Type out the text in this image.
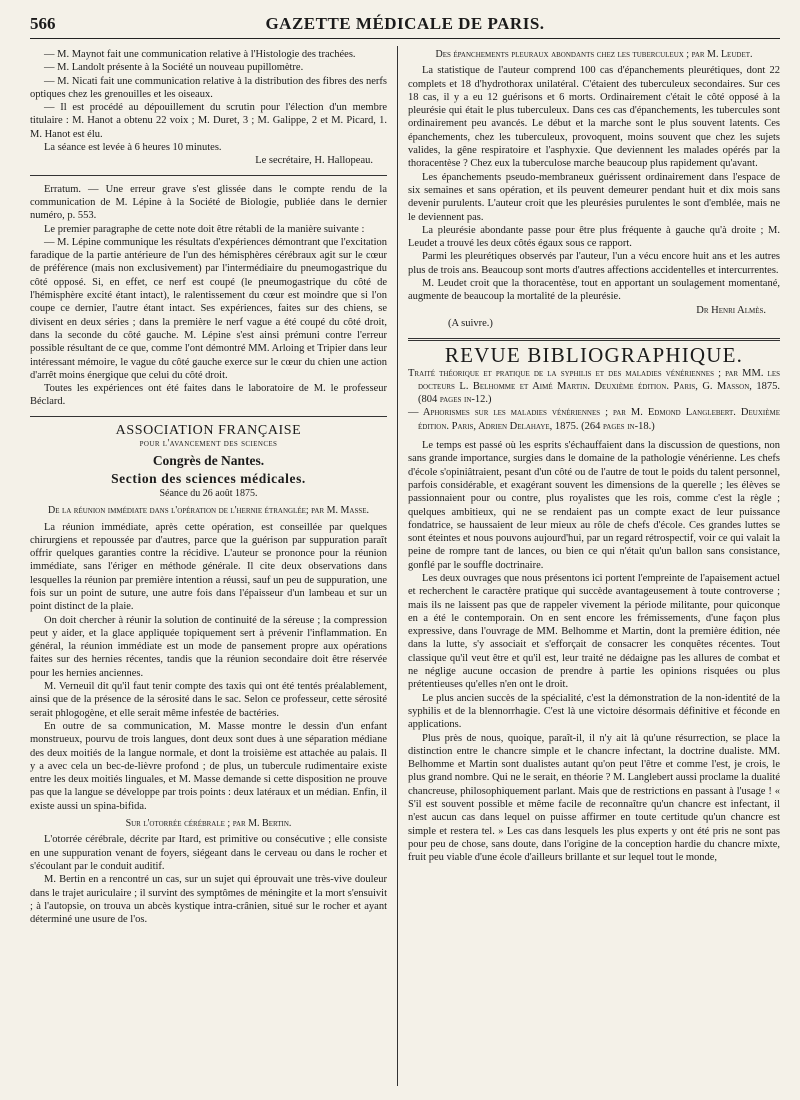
566	GAZETTE MÉDICALE DE PARIS.

— M. Maynot fait une communication relative à l'Histologie des trachées.

— M. Landolt présente à la Société un nouveau pupillomètre.

— M. Nicati fait une communication relative à la distribution des fibres des nerfs optiques chez les grenouilles et les oiseaux.

— Il est procédé au dépouillement du scrutin pour l'élection d'un membre titulaire : M. Hanot a obtenu 22 voix ; M. Duret, 3 ; M. Galippe, 2 et M. Picard, 1. M. Hanot est élu.

La séance est levée à 6 heures 10 minutes.

Le secrétaire, H. Hallopeau.

Erratum. — Une erreur grave s'est glissée dans le compte rendu de la communication de M. Lépine à la Société de Biologie, publiée dans le dernier numéro, p. 553.

Le premier paragraphe de cette note doit être rétabli de la manière suivante :

— M. Lépine communique les résultats d'expériences démontrant que l'excitation faradique de la partie antérieure de l'un des hémisphères cérébraux agit sur le cœur de préférence (mais non exclusivement) par l'intermédiaire du pneumogastrique du côté opposé. Si, en effet, ce nerf est coupé (le pneumogastrique du côté de l'hémisphère excité étant intact), le ralentissement du cœur est moindre que si l'on coupe ce dernier, l'autre étant intact. Ses expériences, faites sur des chiens, se divisent en deux séries ; dans la première le nerf vague a été coupé du côté droit, dans la seconde du côté gauche. M. Lépine s'est ainsi prémuni contre l'erreur possible résultant de ce que, comme l'ont démontré MM. Arloing et Tripier dans leur intéressant mémoire, le vague du côté gauche exerce sur le cœur du chien une action d'arrêt moins énergique que celui du côté droit.

Toutes les expériences ont été faites dans le laboratoire de M. le professeur Béclard.

ASSOCIATION FRANÇAISE
pour l'avancement des sciences
Congrès de Nantes.
Section des sciences médicales.
Séance du 26 août 1875.

De la réunion immédiate dans l'opération de l'hernie étranglée; par M. Masse.

La réunion immédiate, après cette opération, est conseillée par quelques chirurgiens et repoussée par d'autres, parce que la guérison par suppuration paraît offrir quelques garanties contre la récidive. L'auteur se prononce pour la réunion immédiate, sans l'ériger en méthode générale. Il cite deux observations dans lesquelles la réunion par première intention a réussi, sauf un peu de suppuration, une fois sur un point de suture, une autre fois dans l'épaisseur d'un lambeau et sur un point distinct de la plaie.

On doit chercher à réunir la solution de continuité de la séreuse ; la compression peut y aider, et la glace appliquée topiquement sert à prévenir l'inflammation. En général, la réunion immédiate est un mode de pansement propre aux opérations faites sur des hernies récentes, tandis que la réunion secondaire doit être réservée pour les hernies anciennes.

M. Verneuil dit qu'il faut tenir compte des taxis qui ont été tentés préalablement, ainsi que de la présence de la sérosité dans le sac. Selon ce professeur, cette sérosité serait phlogogène, et elle serait même infestée de bactéries.

En outre de sa communication, M. Masse montre le dessin d'un enfant monstrueux, pourvu de trois langues, dont deux sont dues à une séparation médiane des deux moitiés de la langue normale, et dont la troisième est attachée au palais. Il y a avec cela un bec-de-lièvre profond ; de plus, un tubercule rudimentaire existe entre les deux moitiés linguales, et M. Masse demande si cette disposition ne prouve pas que la langue se développe par trois points : deux latéraux et un médian. Enfin, il existe aussi un spina-bifida.

Sur l'otorrée cérébrale ; par M. Bertin.

L'otorrée cérébrale, décrite par Itard, est primitive ou consécutive ; elle consiste en une suppuration venant de foyers, siégeant dans le cerveau ou dans le rocher et s'écoulant par le conduit auditif.

M. Bertin en a rencontré un cas, sur un sujet qui éprouvait une très-vive douleur dans le trajet auriculaire ; il survint des symptômes de méningite et la mort s'ensuivit ; à l'autopsie, on trouva un abcès kystique intra-crânien, situé sur le rocher et ayant déterminé une usure de l'os.

Des épanchements pleuraux abondants chez les tuberculeux ; par M. Leudet.

La statistique de l'auteur comprend 100 cas d'épanchements pleurétiques, dont 22 complets et 18 d'hydrothorax unilatéral. C'étaient des tuberculeux secondaires. Sur ces 18 cas, il y a eu 12 guérisons et 6 morts. Ordinairement c'était le côté opposé à la pleurésie qui était le plus tuberculeux. Dans ces cas d'épanchements, les tubercules sont ordinairement peu avancés. Le début et la marche sont le plus souvent latents. Ces épanchements, chez les tuberculeux, provoquent, moins souvent que chez les sujets valides, la gêne respiratoire et l'asphyxie. Que deviennent les malades opérés par la thoracentèse ? Chez eux la tuberculose marche beaucoup plus rapidement qu'avant.

Les épanchements pseudo-membraneux guérissent ordinairement dans l'espace de six semaines et sans opération, et ils peuvent demeurer pendant huit et dix mois sans devenir purulents. L'auteur croit que les pleurésies purulentes le sont d'emblée, mais ne le deviennent pas.

La pleurésie abondante passe pour être plus fréquente à gauche qu'à droite ; M. Leudet a trouvé les deux côtés égaux sous ce rapport.

Parmi les pleurétiques observés par l'auteur, l'un a vécu encore huit ans et les autres plus de trois ans. Beaucoup sont morts d'autres affections accidentelles et intercurrentes.

M. Leudet croit que la thoracentèse, tout en apportant un soulagement momentané, augmente de beaucoup la mortalité de la pleurésie.

Dr Henri Almès.

(A suivre.)

REVUE BIBLIOGRAPHIQUE.

Traité théorique et pratique de la syphilis et des maladies vénériennes ; par MM. les docteurs L. Belhomme et Aimé Martin. Deuxième édition. Paris, G. Masson, 1875. (804 pages in-12.)

— Aphorismes sur les maladies vénériennes ; par M. Edmond Langlebert. Deuxième édition. Paris, Adrien Delahaye, 1875. (264 pages in-18.)

Le temps est passé où les esprits s'échauffaient dans la discussion de questions, non sans grande importance, surgies dans le domaine de la pathologie vénérienne. Les chefs d'école s'opiniâtraient, pesant d'un côté ou de l'autre de tout le poids du talent personnel, parfois considérable, et exagérant souvent les dimensions de la querelle ; les élèves se passionnaient pour ou contre, plus royalistes que les rois, comme c'est la règle ; quelques ambitieux, qui ne se rendaient pas un compte exact de leur puissance fondatrice, se haussaient de leur mieux au rôle de chefs d'école. Ces grandes luttes se sont éteintes et nous pouvons aujourd'hui, par un regard rétrospectif, voir ce qui valait la peine de rompre tant de lances, ou bien ce qui n'était qu'un ballon sans consistance, gonflé par le souffle doctrinaire.

Les deux ouvrages que nous présentons ici portent l'empreinte de l'apaisement actuel et recherchent le caractère pratique qui succède avantageusement à toute controverse ; mais ils ne laissent pas que de rappeler vivement la période militante, pour quiconque en a été le contemporain. On en sent encore les frémissements, d'une façon plus expressive, dans l'ouvrage de MM. Belhomme et Martin, dont la première édition, née dans la lutte, s'y associait et s'efforçait de consacrer les conquêtes récentes. Tout classique qu'il veut être et qu'il est, leur traité ne dédaigne pas les allures de combat et ne néglige aucune occasion de prendre à partie les opinions risquées ou plus prétentieuses qu'elles n'en ont le droit.

Le plus ancien succès de la spécialité, c'est la démonstration de la non-identité de la syphilis et de la blennorrhagie. C'est là une victoire désormais définitive et féconde en applications.

Plus près de nous, quoique, paraît-il, il n'y ait là qu'une résurrection, se place la distinction entre le chancre simple et le chancre infectant, la doctrine dualiste. MM. Belhomme et Martin sont dualistes autant qu'on peut l'être et comme l'est, je crois, le plus grand nombre. Qui ne le serait, en théorie ? M. Langlebert aussi proclame la dualité chancreuse, philosophiquement parlant. Mais que de restrictions en passant à l'usage ! « S'il est souvent possible et même facile de reconnaître qu'un chancre est infectant, il n'est aucun cas dans lequel on puisse affirmer en toute certitude qu'un chancre est simple et restera tel. » Les cas dans lesquels les plus experts y ont été pris ne sont pas pour peu de chose, sans doute, dans l'origine de la conception hardie du chancre mixte, fruit peu viable d'une école d'ailleurs brillante et sur lequel tout le monde,
